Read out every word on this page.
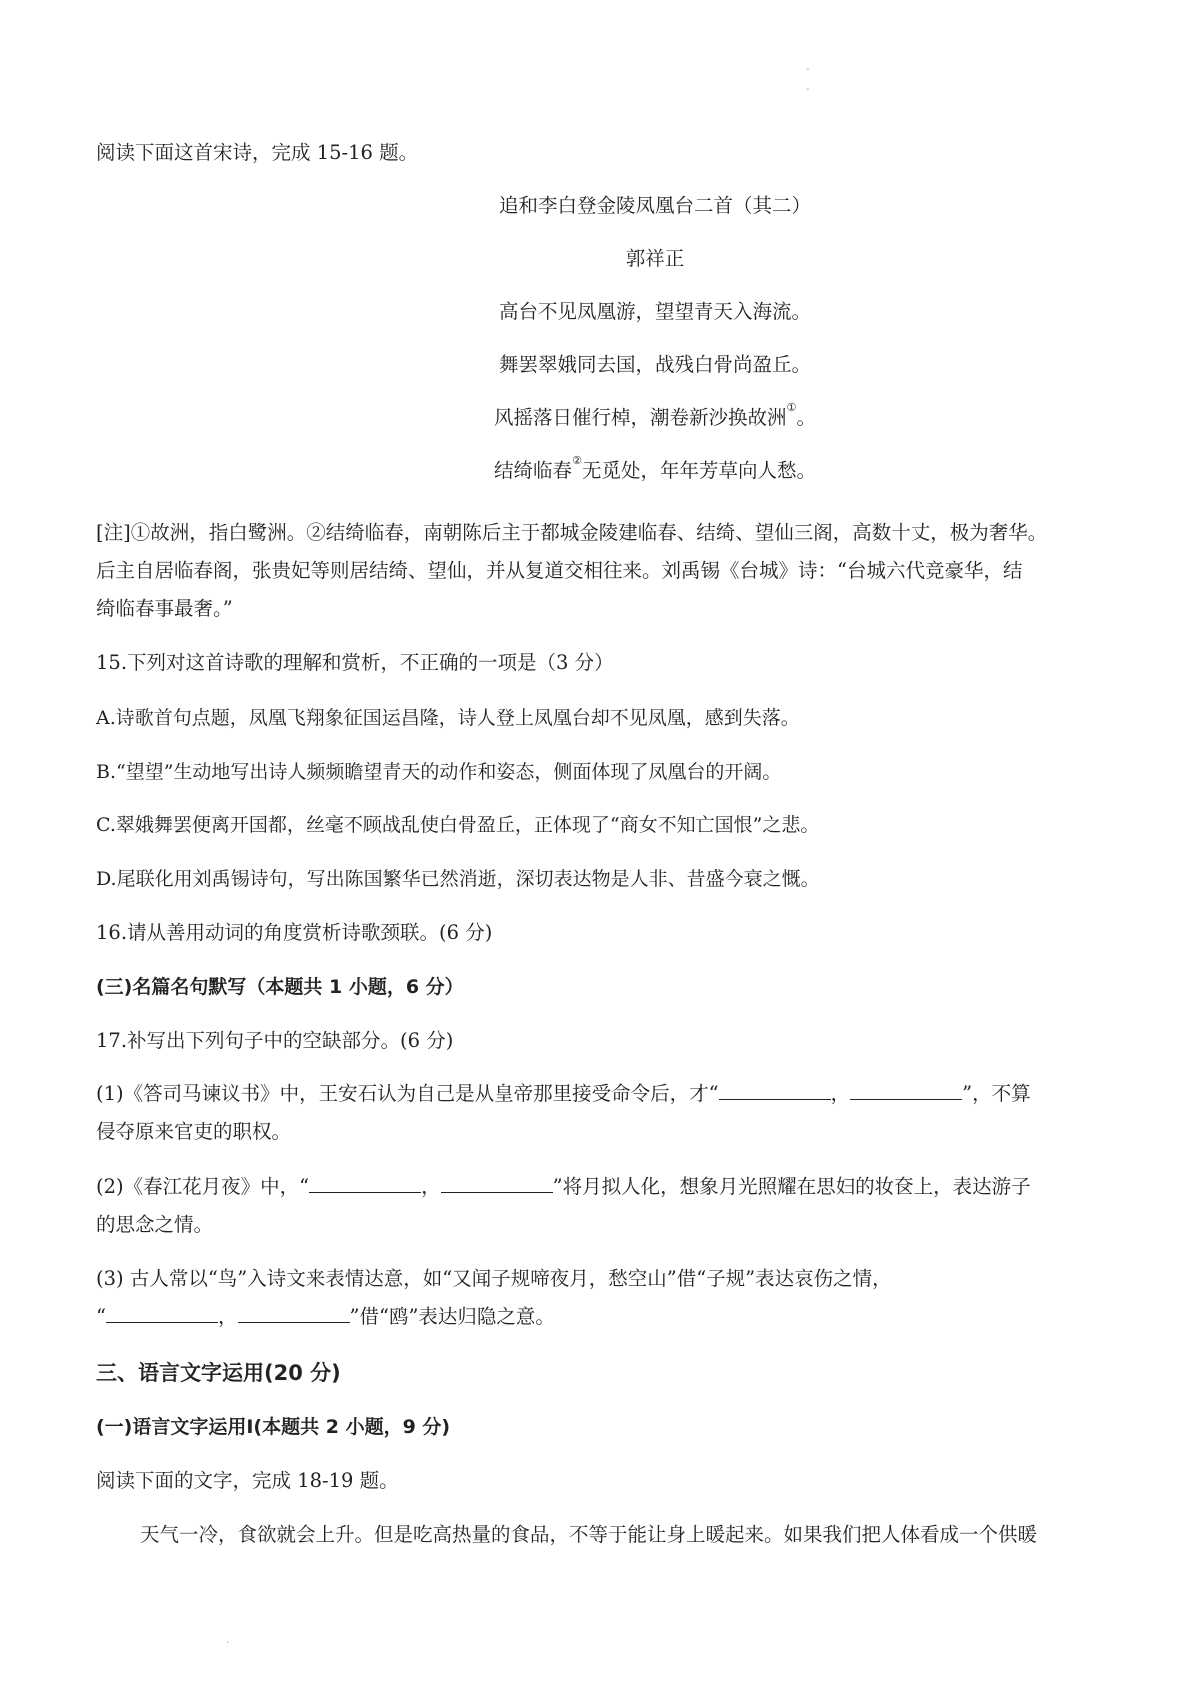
-
-
阅读下面这首宋诗，完成 15-16 题。
追和李白登金陵凤凰台二首（其二）
郭祥正
高台不见凤凰游，望望青天入海流。
舞罢翠娥同去国，战残白骨尚盈丘。
风摇落日催行棹，潮卷新沙换故洲①。
结绮临春②无觅处，年年芳草向人愁。
[注]①故洲，指白鹭洲。②结绮临春，南朝陈后主于都城金陵建临春、结绮、望仙三阁，高数十丈，极为奢华。
后主自居临春阁，张贵妃等则居结绮、望仙，并从复道交相往来。刘禹锡《台城》诗：“台城六代竞豪华，结
绮临春事最奢。”
15.下列对这首诗歌的理解和赏析，不正确的一项是（3 分）
A.诗歌首句点题，凤凰飞翔象征国运昌隆，诗人登上凤凰台却不见凤凰，感到失落。
B.“望望”生动地写出诗人频频瞻望青天的动作和姿态，侧面体现了凤凰台的开阔。
C.翠娥舞罢便离开国都，丝毫不顾战乱使白骨盈丘，正体现了“商女不知亡国恨”之悲。
D.尾联化用刘禹锡诗句，写出陈国繁华已然消逝，深切表达物是人非、昔盛今衰之慨。
16.请从善用动词的角度赏析诗歌颈联。(6 分)
(三)名篇名句默写（本题共 1 小题，6 分）
17.补写出下列句子中的空缺部分。(6 分)
(1)《答司马谏议书》中，王安石认为自己是从皇帝那里接受命令后，才“	，	”，不算
侵夺原来官吏的职权。
(2)《春江花月夜》中，“	，	”将月拟人化，想象月光照耀在思妇的妆奁上，表达游子
的思念之情。
(3) 古人常以“鸟”入诗文来表情达意，如“又闻子规啼夜月，愁空山”借“子规”表达哀伤之情，
“	，	”借“鸥”表达归隐之意。
三、语言文字运用(20 分)
(一)语言文字运用Ⅰ(本题共 2 小题，9 分)
阅读下面的文字，完成 18-19 题。
天气一冷，食欲就会上升。但是吃高热量的食品，不等于能让身上暖起来。如果我们把人体看成一个供暖
·
